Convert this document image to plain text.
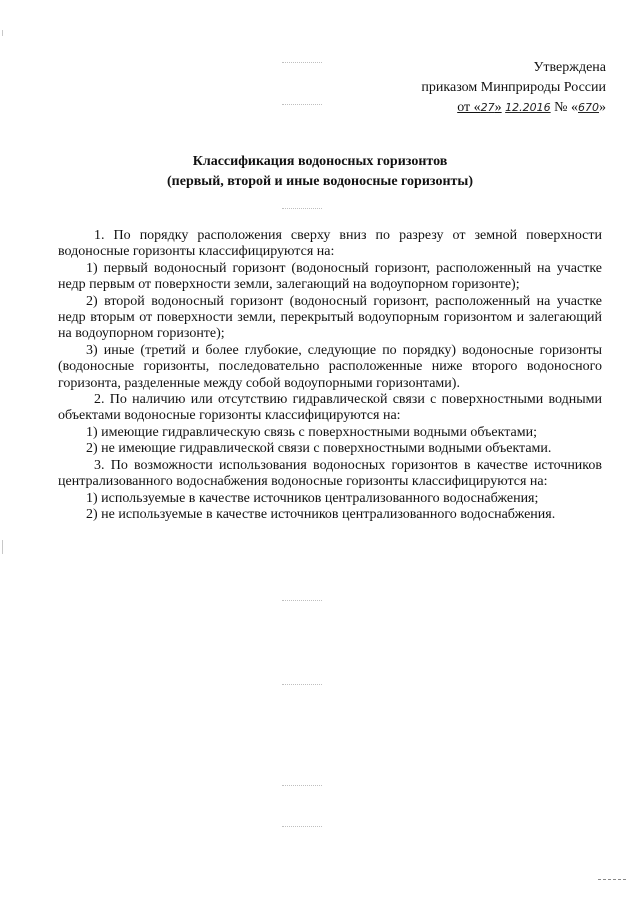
Утверждена
приказом Минприроды России
от «27» 12.2016 № «670»
Классификация водоносных горизонтов
(первый, второй и иные водоносные горизонты)

1. По порядку расположения сверху вниз по разрезу от земной поверхности водоносные горизонты классифицируются на:

1) первый водоносный горизонт (водоносный горизонт, расположенный на участке недр первым от поверхности земли, залегающий на водоупорном горизонте);

2) второй водоносный горизонт (водоносный горизонт, расположенный на участке недр вторым от поверхности земли, перекрытый водоупорным горизонтом и залегающий на водоупорном горизонте);

3) иные (третий и более глубокие, следующие по порядку) водоносные горизонты (водоносные горизонты, последовательно расположенные ниже второго водоносного горизонта, разделенные между собой водоупорными горизонтами).

2. По наличию или отсутствию гидравлической связи с поверхностными водными объектами водоносные горизонты классифицируются на:

1) имеющие гидравлическую связь с поверхностными водными объектами;

2) не имеющие гидравлической связи с поверхностными водными объектами.

3. По возможности использования водоносных горизонтов в качестве источников централизованного водоснабжения водоносные горизонты классифицируются на:

1) используемые в качестве источников централизованного водоснабжения;

2) не используемые в качестве источников централизованного водоснабжения.
